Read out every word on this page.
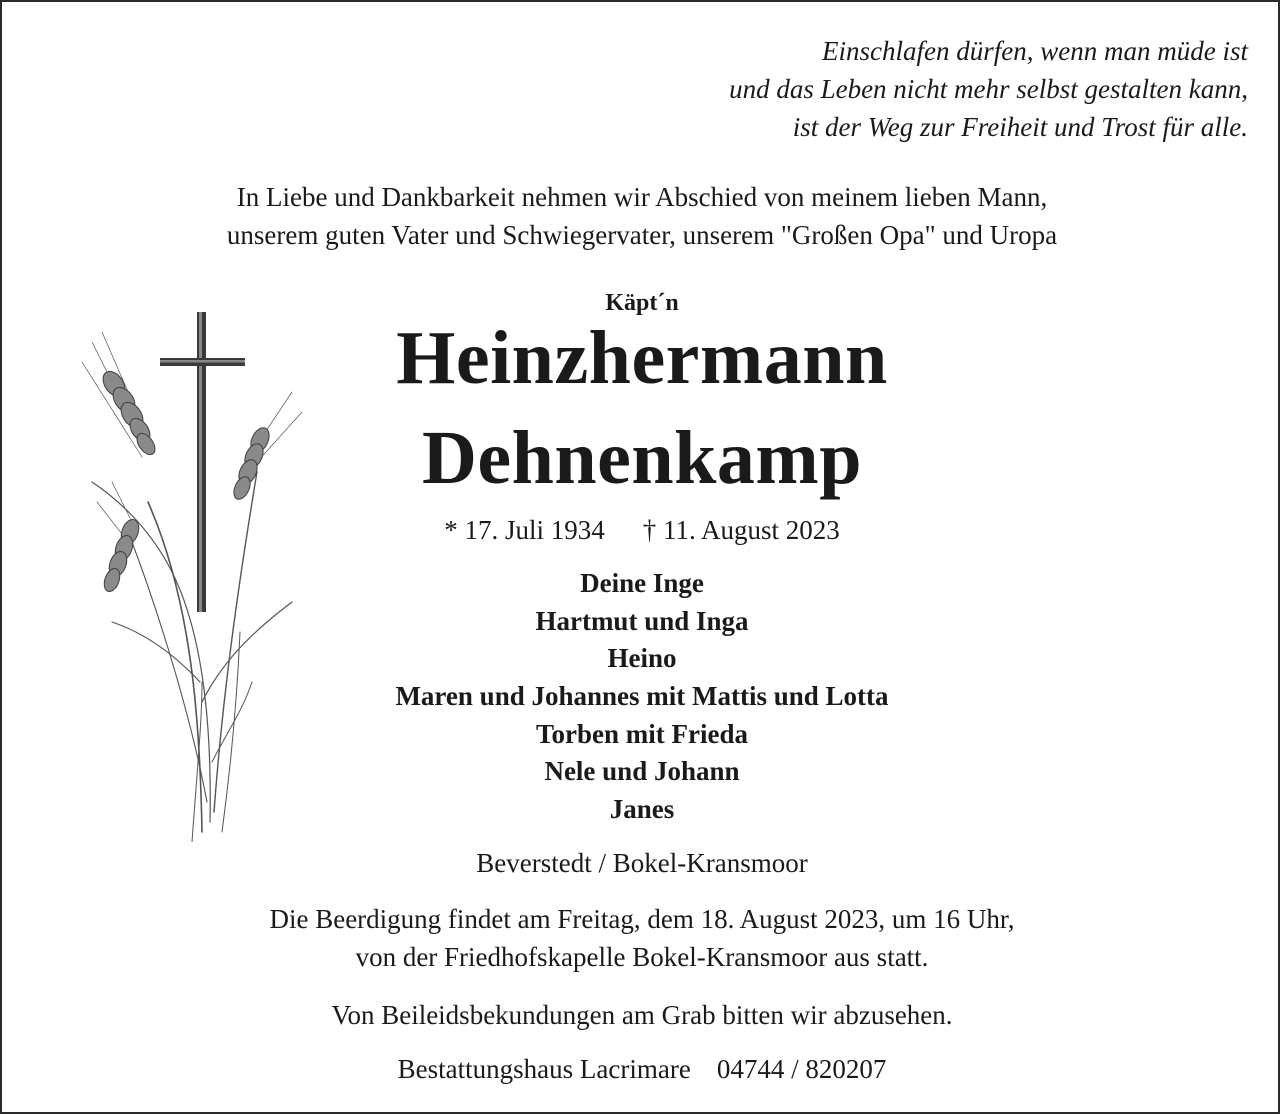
Einschlafen dürfen, wenn man müde ist
und das Leben nicht mehr selbst gestalten kann,
ist der Weg zur Freiheit und Trost für alle.
In Liebe und Dankbarkeit nehmen wir Abschied von meinem lieben Mann,
unserem guten Vater und Schwiegervater, unserem "Großen Opa" und Uropa
Käpt´n
Heinzhermann
Dehnenkamp
* 17. Juli 1934 † 11. August 2023
Deine Inge
Hartmut und Inga
Heino
Maren und Johannes mit Mattis und Lotta
Torben mit Frieda
Nele und Johann
Janes
Beverstedt / Bokel-Kransmoor
Die Beerdigung findet am Freitag, dem 18. August 2023, um 16 Uhr,
von der Friedhofskapelle Bokel-Kransmoor aus statt.
Von Beileidsbekundungen am Grab bitten wir abzusehen.
Bestattungshaus Lacrimare 04744 / 820207
